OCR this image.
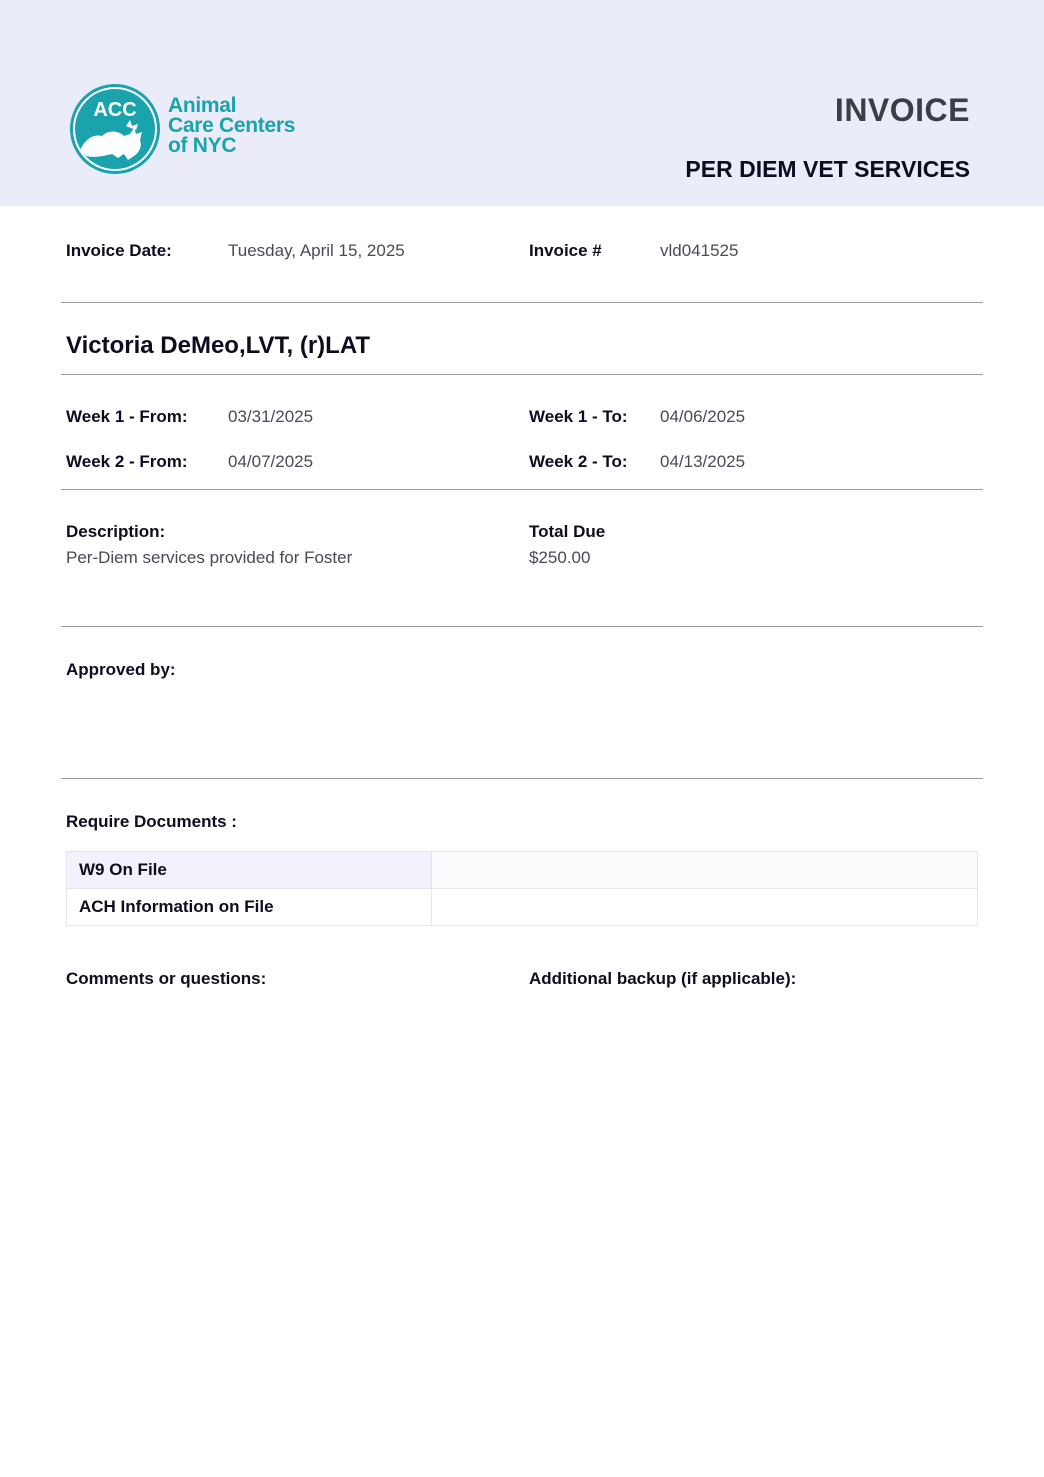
ACC Animal
Care Centers
of NYC
INVOICE
PER DIEM VET SERVICES
Invoice Date:	Tuesday, April 15, 2025	Invoice #	vld041525
Victoria DeMeo,LVT, (r)LAT
Week 1 - From: 03/31/2025	Week 1 - To: 04/06/2025
Week 2 - From: 04/07/2025	Week 2 - To: 04/13/2025
Description:
Per-Diem services provided for Foster
Total Due
$250.00
Approved by:
Require Documents :
W9 On File	
ACH Information on File	
Comments or questions:	Additional backup (if applicable):
